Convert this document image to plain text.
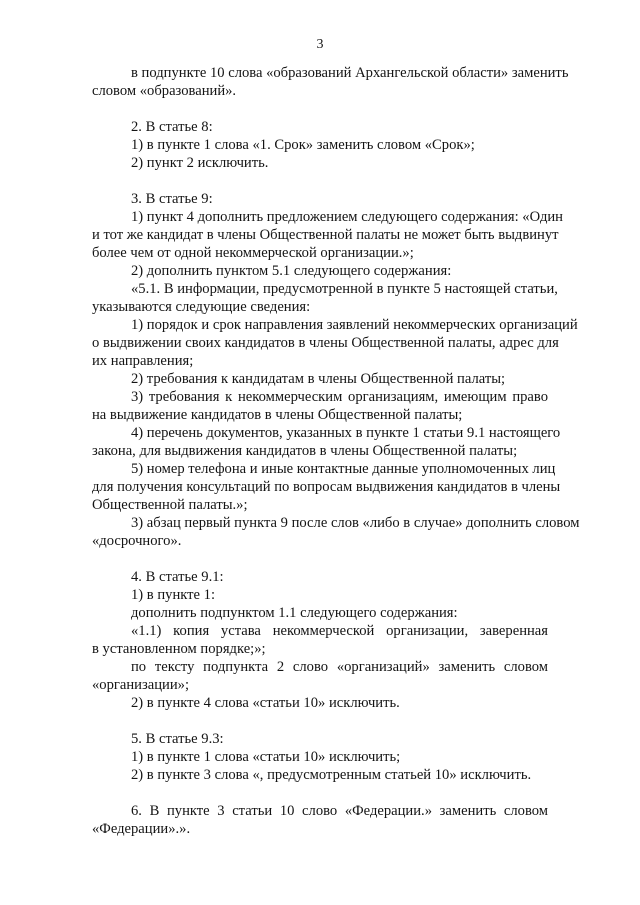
3
в подпункте 10 слова «образований Архангельской области» заменить
словом «образований».
2. В статье 8:
1) в пункте 1 слова «1. Срок» заменить словом «Срок»;
2) пункт 2 исключить.
3. В статье 9:
1) пункт 4 дополнить предложением следующего содержания: «Один
и тот же кандидат в члены Общественной палаты не может быть выдвинут
более чем от одной некоммерческой организации.»;
2) дополнить пунктом 5.1 следующего содержания:
«5.1. В информации, предусмотренной в пункте 5 настоящей статьи,
указываются следующие сведения:
1) порядок и срок направления заявлений некоммерческих организаций
о выдвижении своих кандидатов в члены Общественной палаты, адрес для
их направления;
2) требования к кандидатам в члены Общественной палаты;
3) требования к некоммерческим организациям, имеющим право
на выдвижение кандидатов в члены Общественной палаты;
4) перечень документов, указанных в пункте 1 статьи 9.1 настоящего
закона, для выдвижения кандидатов в члены Общественной палаты;
5) номер телефона и иные контактные данные уполномоченных лиц
для получения консультаций по вопросам выдвижения кандидатов в члены
Общественной палаты.»;
3) абзац первый пункта 9 после слов «либо в случае» дополнить словом
«досрочного».
4. В статье 9.1:
1) в пункте 1:
дополнить подпунктом 1.1 следующего содержания:
«1.1) копия устава некоммерческой организации, заверенная
в установленном порядке;»;
по тексту подпункта 2 слово «организаций» заменить словом
«организации»;
2) в пункте 4 слова «статьи 10» исключить.
5. В статье 9.3:
1) в пункте 1 слова «статьи 10» исключить;
2) в пункте 3 слова «, предусмотренным статьей 10» исключить.
6. В пункте 3 статьи 10 слово «Федерации.» заменить словом
«Федерации».».
